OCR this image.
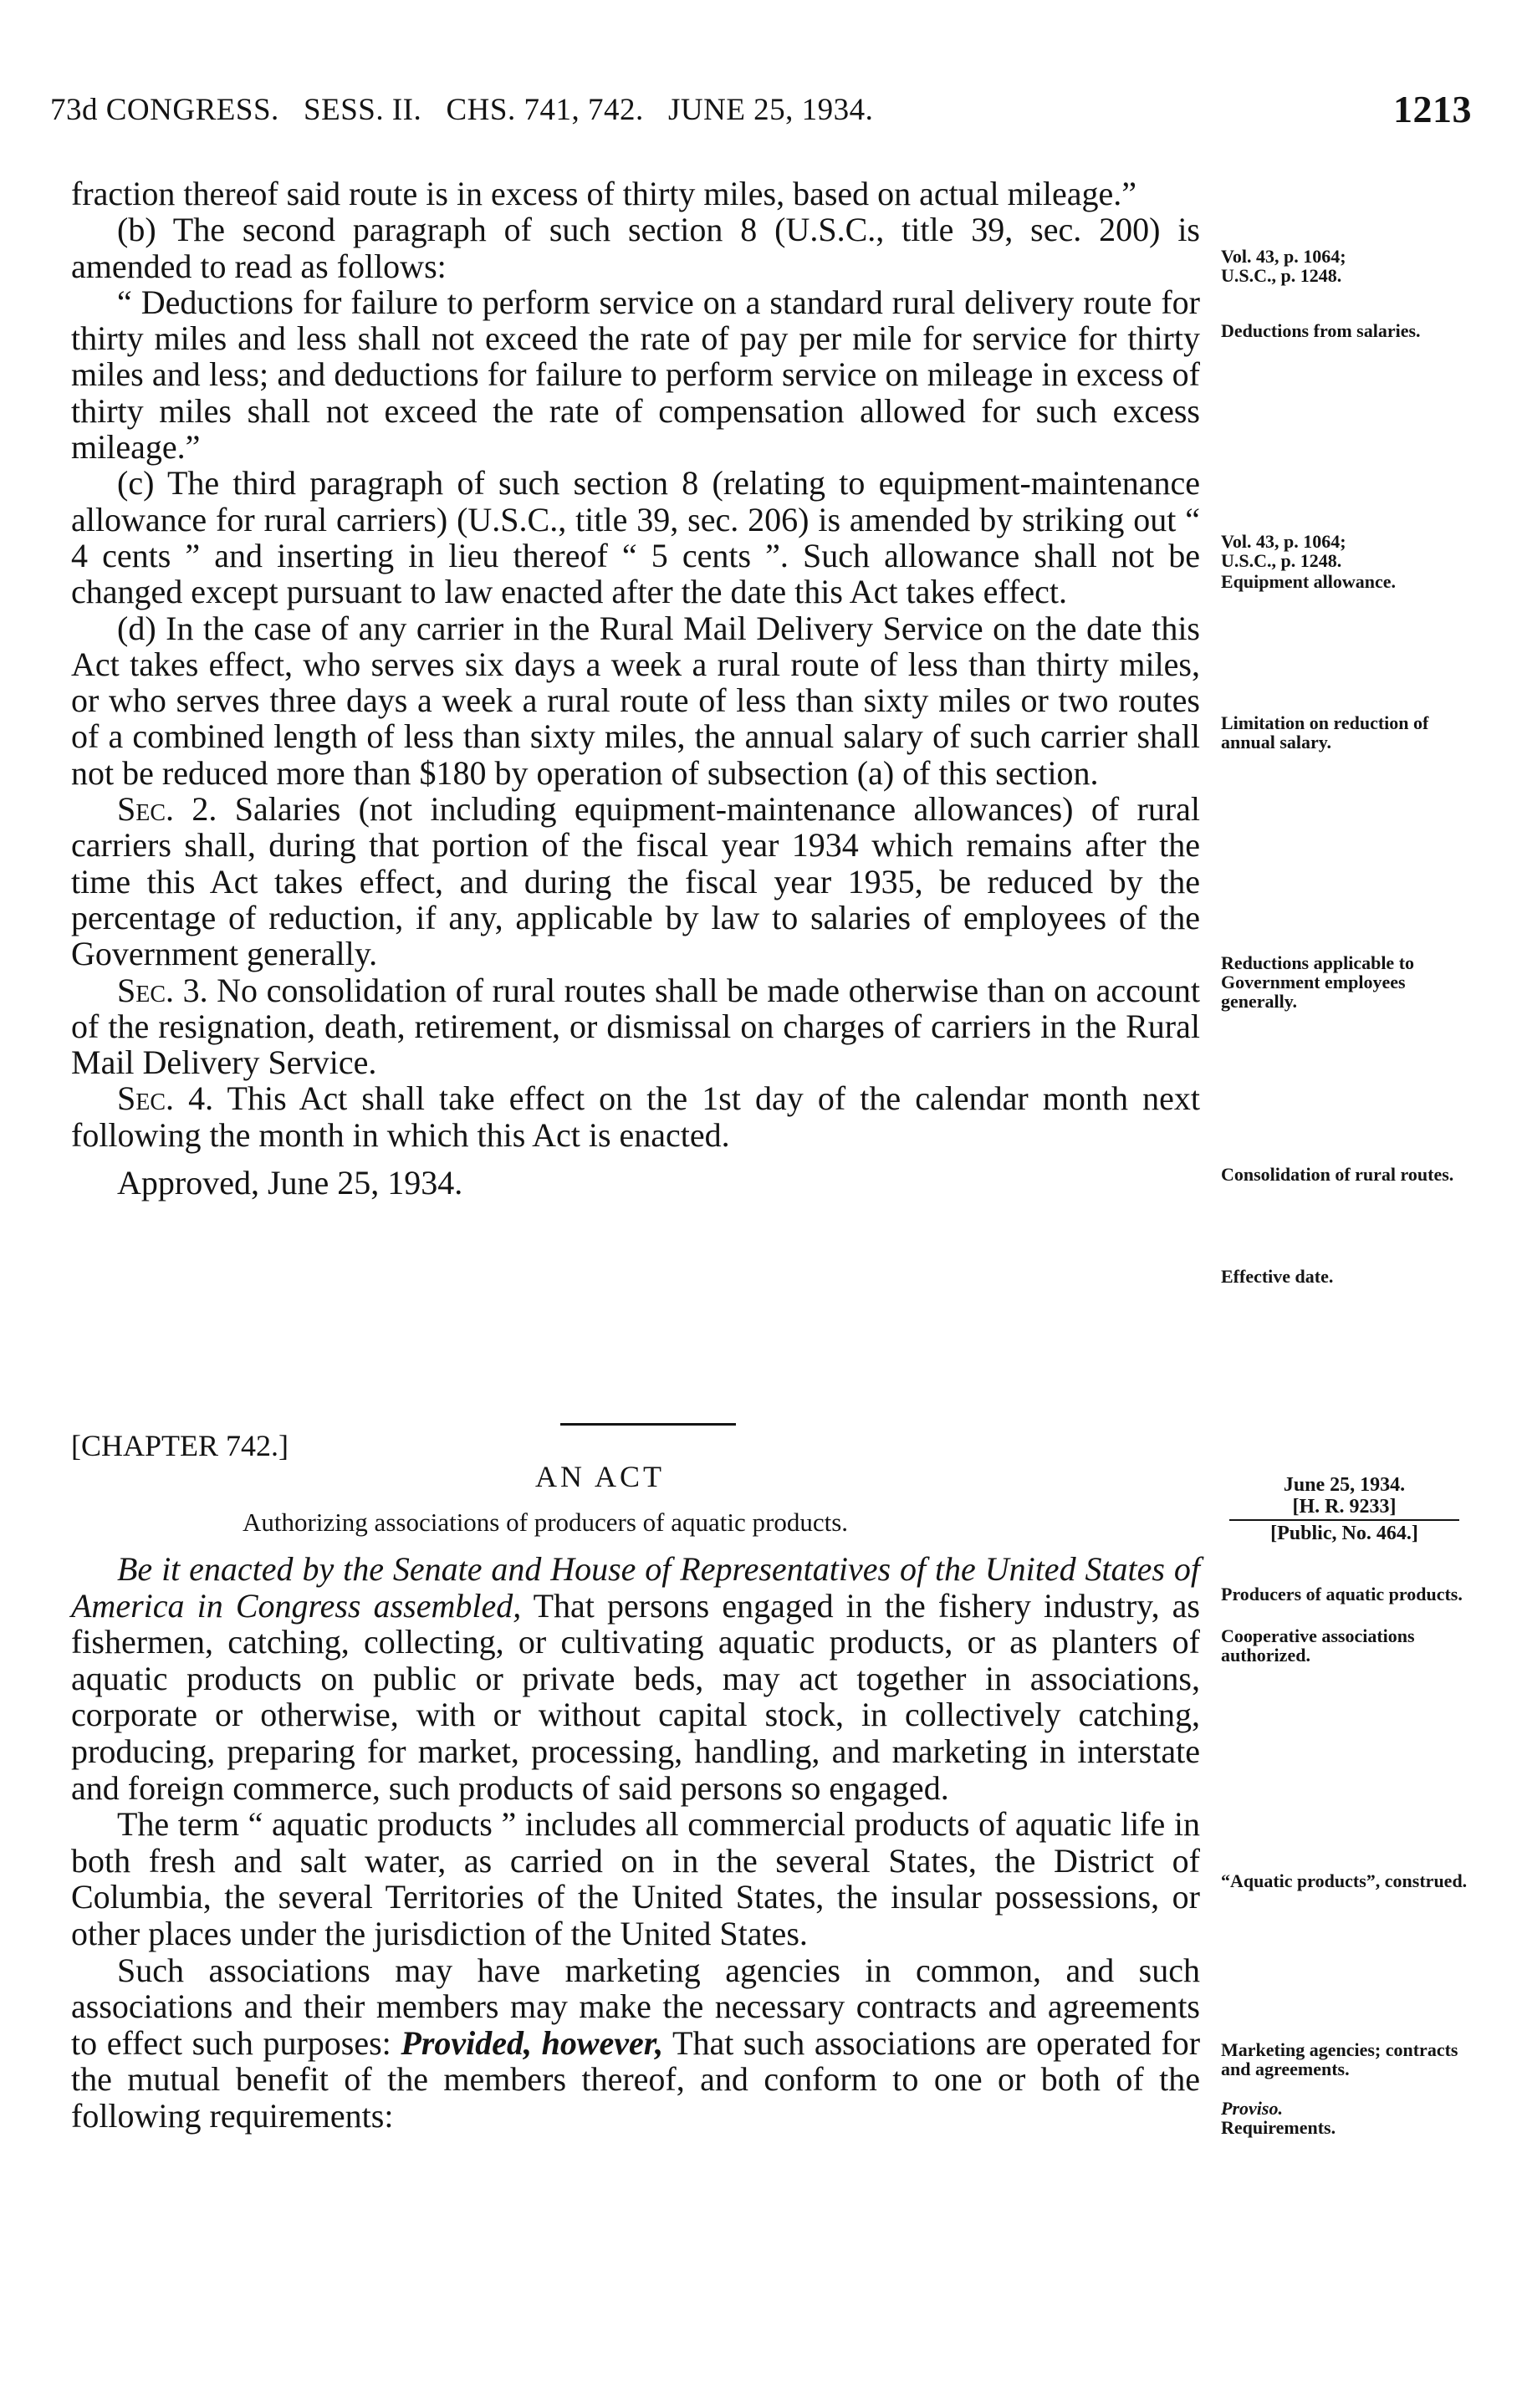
73d CONGRESS.   SESS. II.   CHS. 741, 742.   JUNE 25, 1934.	1213

fraction thereof said route is in excess of thirty miles, based on actual mileage.”

(b) The second paragraph of such section 8 (U.S.C., title 39, sec. 200) is amended to read as follows:

“ Deductions for failure to perform service on a standard rural delivery route for thirty miles and less shall not exceed the rate of pay per mile for service for thirty miles and less; and deductions for failure to perform service on mileage in excess of thirty miles shall not exceed the rate of compensation allowed for such excess mileage.”

(c) The third paragraph of such section 8 (relating to equipment-maintenance allowance for rural carriers) (U.S.C., title 39, sec. 206) is amended by striking out “ 4 cents ” and inserting in lieu thereof “ 5 cents ”. Such allowance shall not be changed except pursuant to law enacted after the date this Act takes effect.

(d) In the case of any carrier in the Rural Mail Delivery Service on the date this Act takes effect, who serves six days a week a rural route of less than thirty miles, or who serves three days a week a rural route of less than sixty miles or two routes of a combined length of less than sixty miles, the annual salary of such carrier shall not be reduced more than $180 by operation of subsection (a) of this section.

Sec. 2. Salaries (not including equipment-maintenance allowances) of rural carriers shall, during that portion of the fiscal year 1934 which remains after the time this Act takes effect, and during the fiscal year 1935, be reduced by the percentage of reduction, if any, applicable by law to salaries of employees of the Government generally.

Sec. 3. No consolidation of rural routes shall be made otherwise than on account of the resignation, death, retirement, or dismissal on charges of carriers in the Rural Mail Delivery Service.

Sec. 4. This Act shall take effect on the 1st day of the calendar month next following the month in which this Act is enacted.

Approved, June 25, 1934.

Vol. 43, p. 1064;
U.S.C., p. 1248.
Deductions from salaries.
Vol. 43, p. 1064;
U.S.C., p. 1248.
Equipment allowance.
Limitation on reduction of annual salary.
Reductions applicable to Government employees generally.
Consolidation of rural routes.
Effective date.
[CHAPTER 742.]
AN ACT
Authorizing associations of producers of aquatic products.
June 25, 1934.
[H. R. 9233]
[Public, No. 464.]

Be it enacted by the Senate and House of Representatives of the United States of America in Congress assembled, That persons engaged in the fishery industry, as fishermen, catching, collecting, or cultivating aquatic products, or as planters of aquatic products on public or private beds, may act together in associations, corporate or otherwise, with or without capital stock, in collectively catching, producing, preparing for market, processing, handling, and marketing in interstate and foreign commerce, such products of said persons so engaged.

The term “ aquatic products ” includes all commercial products of aquatic life in both fresh and salt water, as carried on in the several States, the District of Columbia, the several Territories of the United States, the insular possessions, or other places under the jurisdiction of the United States.

Such associations may have marketing agencies in common, and such associations and their members may make the necessary contracts and agreements to effect such purposes: Provided, however, That such associations are operated for the mutual benefit of the members thereof, and conform to one or both of the following requirements:

Producers of aquatic products.
Cooperative associations authorized.
“Aquatic products”, construed.
Marketing agencies; contracts and agreements.
Proviso.
Requirements.
